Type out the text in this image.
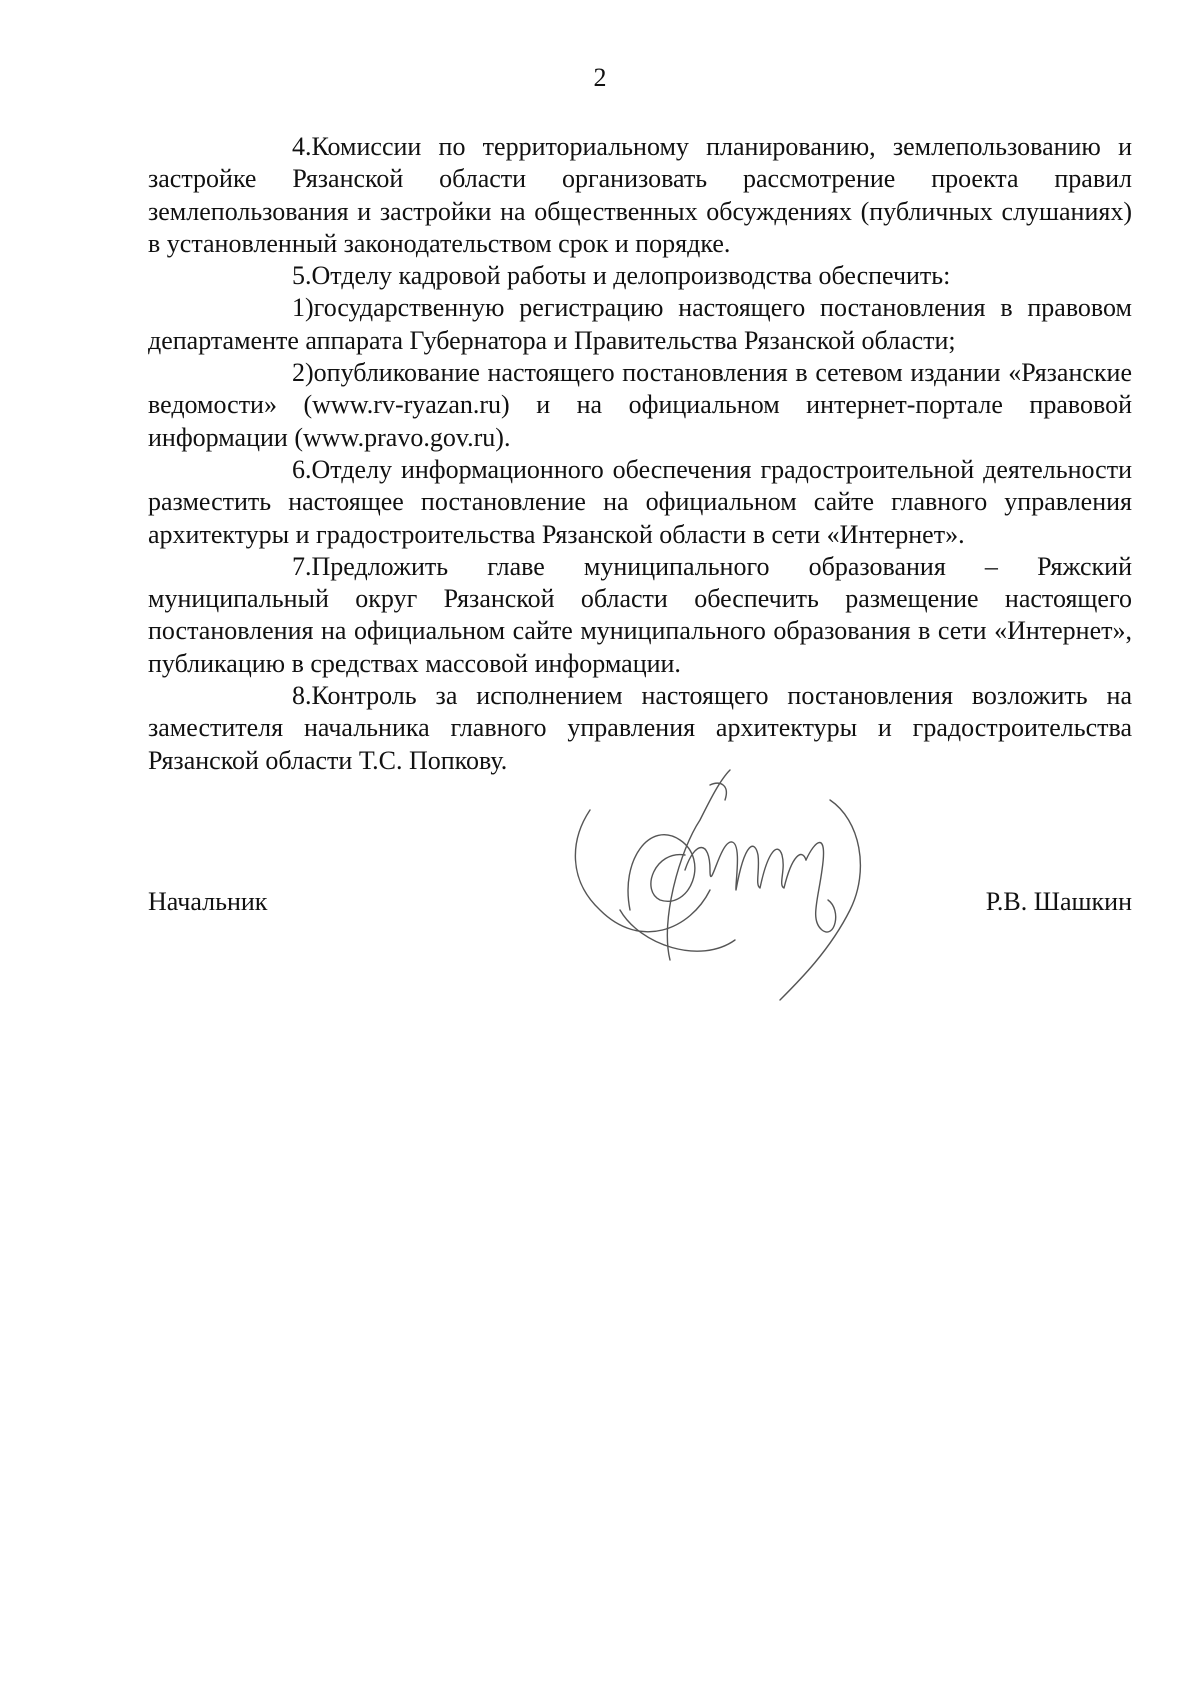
2

4.Комиссии по территориальному планированию, землепользованию и застройке Рязанской области организовать рассмотрение проекта правил землепользования и застройки на общественных обсуждениях (публичных слушаниях) в установленный законодательством срок и порядке.

5.Отделу кадровой работы и делопроизводства обеспечить:

1)государственную регистрацию настоящего постановления в правовом департаменте аппарата Губернатора и Правительства Рязанской области;

2)опубликование настоящего постановления в сетевом издании «Рязанские ведомости» (www.rv-ryazan.ru) и на официальном интернет-портале правовой информации (www.pravo.gov.ru).

6.Отделу информационного обеспечения градостроительной деятельности разместить настоящее постановление на официальном сайте главного управления архитектуры и градостроительства Рязанской области в сети «Интернет».

7.Предложить главе муниципального образования – Ряжский муниципальный округ Рязанской области обеспечить размещение настоящего постановления на официальном сайте муниципального образования в сети «Интернет», публикацию в средствах массовой информации.

8.Контроль за исполнением настоящего постановления возложить на заместителя начальника главного управления архитектуры и градостроительства Рязанской области Т.С. Попкову.

Начальник	Р.В. Шашкин
